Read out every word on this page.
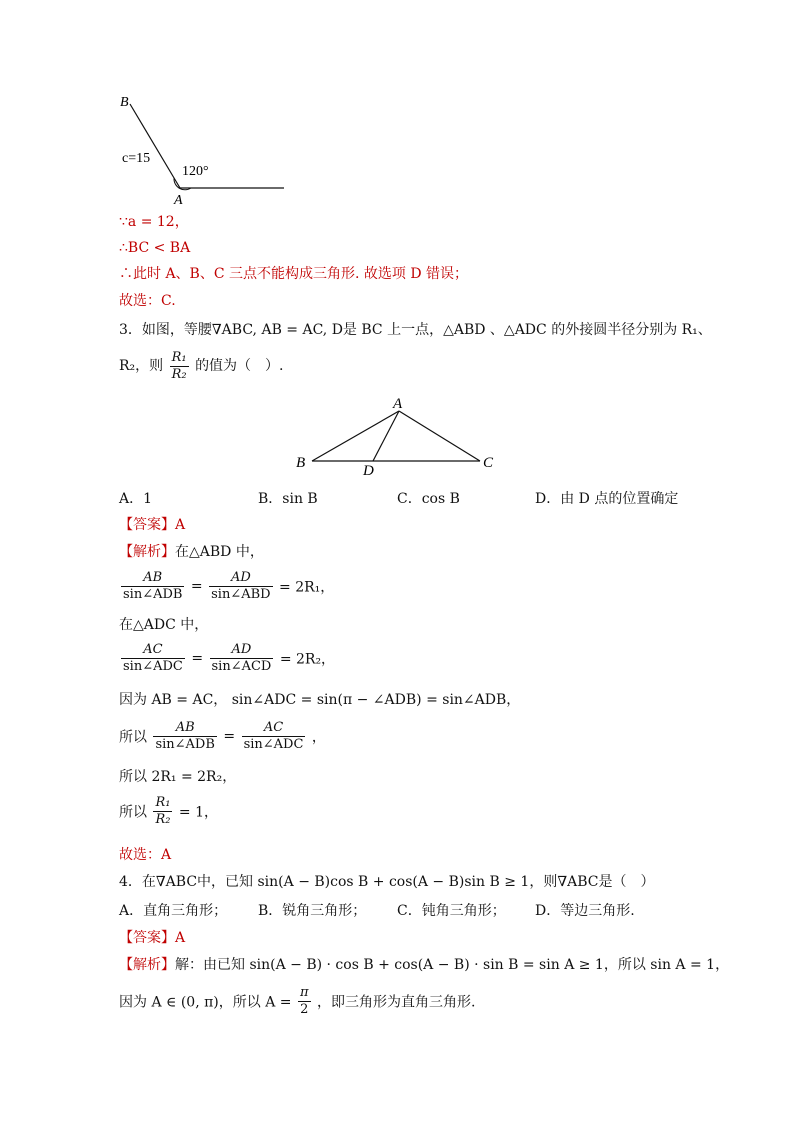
B
A
c=15
120°
∵a = 12，
∴BC < BA
∴此时 A、B、C 三点不能构成三角形. 故选项 D 错误；
故选：C.
3．如图，等腰∇ABC, AB = AC, D是 BC 上一点，△ABD 、△ADC 的外接圆半径分别为 R₁、
R₂，则 $\frac{\text{R₁}}{\text{R₂}}$ 的值为（　）.
A
B	C
D
A．1	B．sin B	C．cos B	D．由 D 点的位置确定
【答案】A
【解析】在△ABD 中，
$\frac{AB}{\text{sin∠ADB}} = \frac{AD}{\text{sin∠ABD}} = 2R_1$，
在△ADC 中，
$\frac{AC}{\text{sin∠ADC}} = \frac{AD}{\text{sin∠ACD}} = 2R_2$，
因为 AB = AC， sin∠ADC = sin(π − ∠ADB) = sin∠ADB，
所以 $\frac{AB}{\text{sin∠ADB}} = \frac{AC}{\text{sin∠ADC}}$ ，
所以 2R₁ = 2R₂，
所以 $\frac{\text{R₁}}{\text{R₂}} = 1$，
故选：A
4．在∇ABC中，已知 sin(A − B)cos B + cos(A − B)sin B ≥ 1，则∇ABC是（　）
A．直角三角形； B．锐角三角形； C．钝角三角形； D．等边三角形.
【答案】A
【解析】解：由已知 sin(A − B) · cos B + cos(A − B) · sin B = sin A ≥ 1，所以 sin A = 1，
因为 A ∈ (0, π)，所以 $A = \frac{\pi}{2}$ ，即三角形为直角三角形.
